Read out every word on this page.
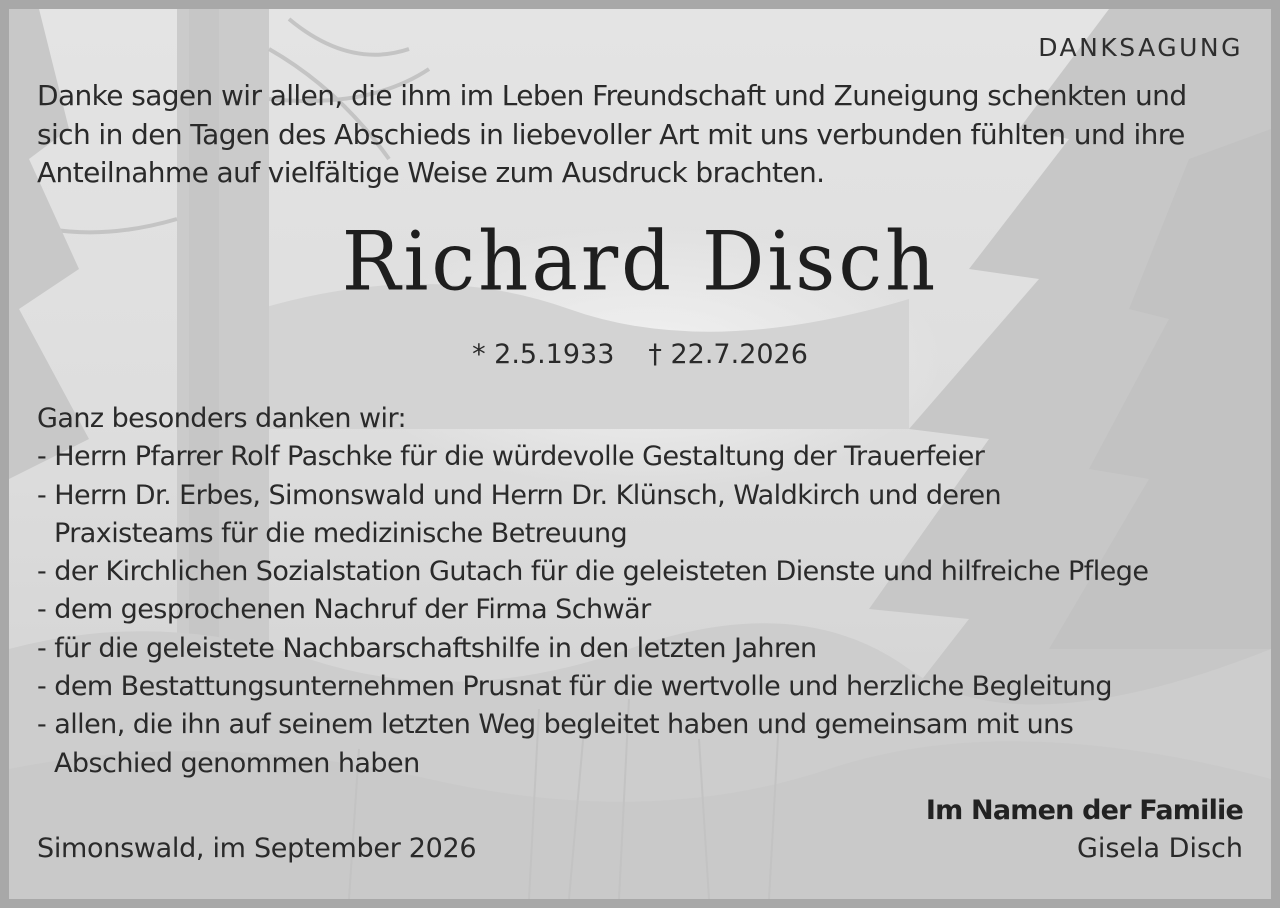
DANKSAGUNG
Danke sagen wir allen, die ihm im Leben Freundschaft und Zuneigung schenkten und
sich in den Tagen des Abschieds in liebevoller Art mit uns verbunden fühlten und ihre
Anteilnahme auf vielfältige Weise zum Ausdruck brachten.
Richard Disch
* 2.5.1933 † 22.7.2026
Ganz besonders danken wir:
- Herrn Pfarrer Rolf Paschke für die würdevolle Gestaltung der Trauerfeier
- Herrn Dr. Erbes, Simonswald und Herrn Dr. Klünsch, Waldkirch und deren
Praxisteams für die medizinische Betreuung
- der Kirchlichen Sozialstation Gutach für die geleisteten Dienste und hilfreiche Pflege
- dem gesprochenen Nachruf der Firma Schwär
- für die geleistete Nachbarschaftshilfe in den letzten Jahren
- dem Bestattungsunternehmen Prusnat für die wertvolle und herzliche Begleitung
- allen, die ihn auf seinem letzten Weg begleitet haben und gemeinsam mit uns
Abschied genommen haben
Simonswald, im September 2026
Im Namen der Familie
Gisela Disch
